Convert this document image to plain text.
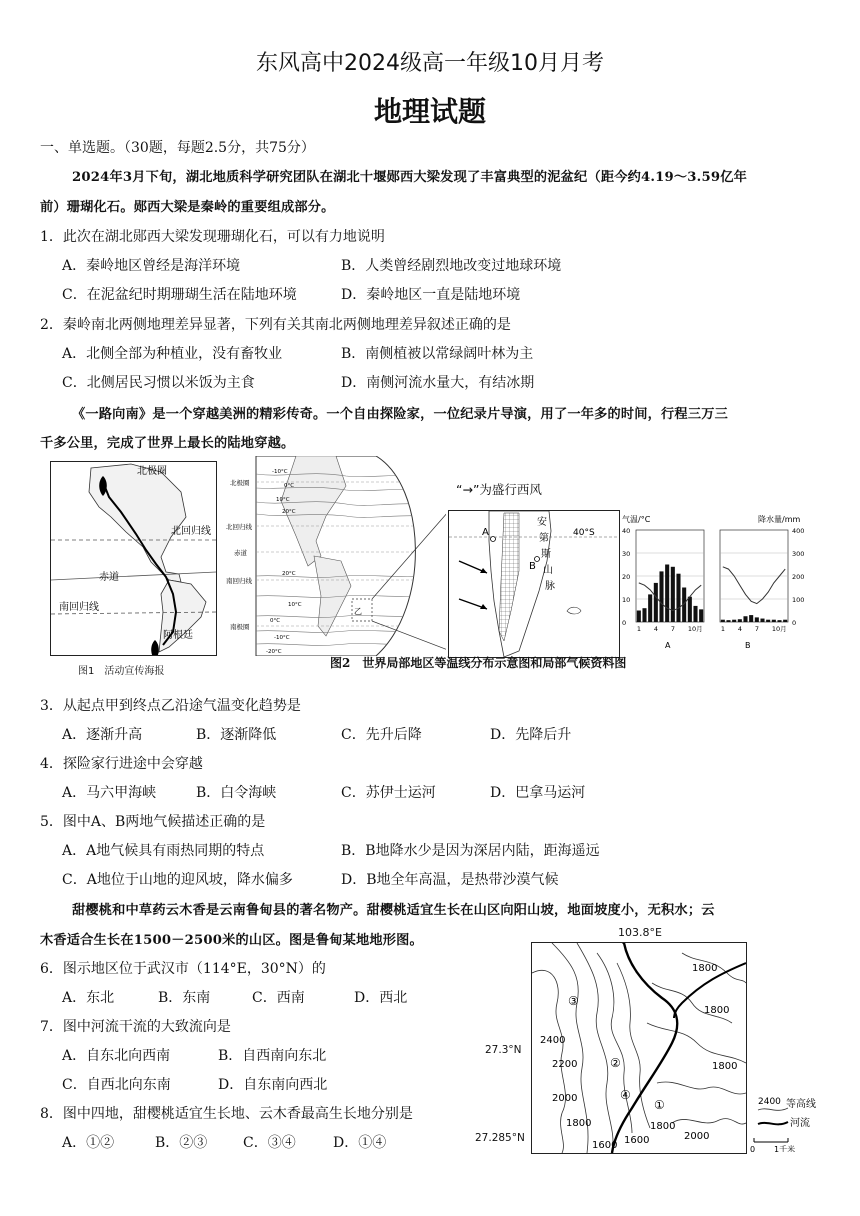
东风高中2024级高一年级10月月考
地理试题
一、单选题。（30题，每题2.5分，共75分）
2024年3月下旬，湖北地质科学研究团队在湖北十堰郧西大梁发现了丰富典型的泥盆纪（距今约4.19～3.59亿年
前）珊瑚化石。郧西大梁是秦岭的重要组成部分。
1．此次在湖北郧西大梁发现珊瑚化石，可以有力地说明
A．秦岭地区曾经是海洋环境	B．人类曾经剧烈地改变过地球环境
C．在泥盆纪时期珊瑚生活在陆地环境	D．秦岭地区一直是陆地环境
2．秦岭南北两侧地理差异显著，下列有关其南北两侧地理差异叙述正确的是
A．北侧全部为种植业，没有畜牧业	B．南侧植被以常绿阔叶林为主
C．北侧居民习惯以米饭为主食	D．南侧河流水量大，有结冰期
《一路向南》是一个穿越美洲的精彩传奇。一个自由探险家，一位纪录片导演，用了一年多的时间，行程三万三
千多公里，完成了世界上最长的陆地穿越。
北极圈
北回归线
赤道
南回归线
阿根廷
图1　活动宣传海报
北极圈
北回归线
赤道
南回归线
南极圈
-10°C
0°C
10°C
20°C
20°C
10°C
0°C
-10°C
-20°C
乙
“→”为盛行西风
A
B
40°S
安
第
斯
山
脉
气温/°C	降水量/mm
40
30
20
10
0
400
300
200
100
0
1 4 7 10月	1 4 7 10月
A	B
图2　世界局部地区等温线分布示意图和局部气候资料图
3．从起点甲到终点乙沿途气温变化趋势是
A．逐渐升高	B．逐渐降低	C．先升后降	D．先降后升
4．探险家行进途中会穿越
A．马六甲海峡	B．白令海峡	C．苏伊士运河	D．巴拿马运河
5．图中A、B两地气候描述正确的是
A．A地气候具有雨热同期的特点	B．B地降水少是因为深居内陆，距海遥远
C．A地位于山地的迎风坡，降水偏多	D．B地全年高温，是热带沙漠气候
甜樱桃和中草药云木香是云南鲁甸县的著名物产。甜樱桃适宜生长在山区向阳山坡，地面坡度小，无积水；云
木香适合生长在1500－2500米的山区。图是鲁甸某地地形图。
6．图示地区位于武汉市（114°E，30°N）的
A．东北	B．东南	C．西南	D．西北
7．图中河流干流的大致流向是
A．自东北向西南	B．自西南向东北
C．自西北向东南	D．自东南向西北
8．图中四地，甜樱桃适宜生长地、云木香最高生长地分别是
A．①②	B．②③	C．③④	D．①④
103.8°E
27.3°N
27.285°N
1800
1800
1800
2400
2200
2000
1800
1600 1600
1800
2000
③
②
④
①	2400 等高线
河流
0 1千米
